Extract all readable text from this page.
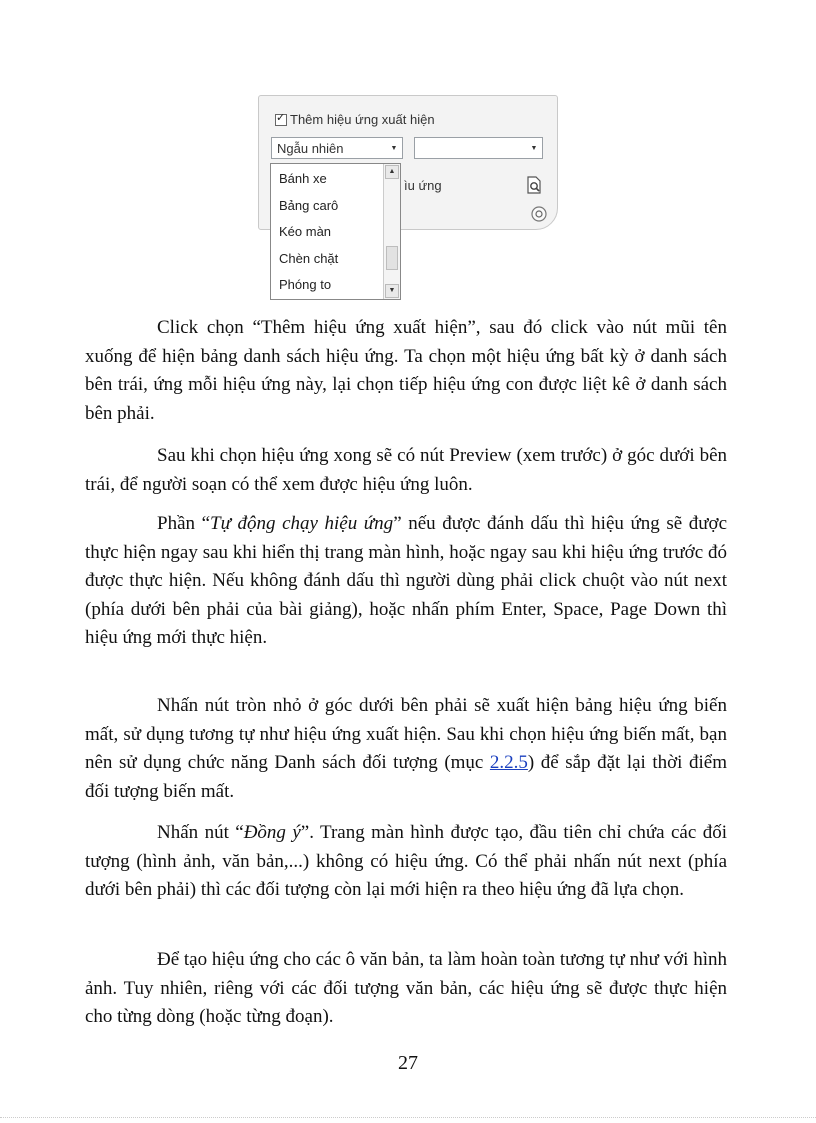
✓
Thêm hiệu ứng xuất hiện
Ngẫu nhiên	▼	▼
ìu ứng
Bánh xe
Bảng carô
Kéo màn
Chèn chặt
Phóng to
▲
▼

Click chọn “Thêm hiệu ứng xuất hiện”, sau đó click vào nút mũi tên xuống để hiện bảng danh sách hiệu ứng. Ta chọn một hiệu ứng bất kỳ ở danh sách bên trái, ứng mỗi hiệu ứng này, lại chọn tiếp hiệu ứng con được liệt kê ở danh sách bên phải.

Sau khi chọn hiệu ứng xong sẽ có nút Preview (xem trước) ở góc dưới bên trái, để người soạn có thể xem được hiệu ứng luôn.

Phần “Tự động chạy hiệu ứng” nếu được đánh dấu thì hiệu ứng sẽ được thực hiện ngay sau khi hiển thị trang màn hình, hoặc ngay sau khi hiệu ứng trước đó được thực hiện. Nếu không đánh dấu thì người dùng phải click chuột vào nút next (phía dưới bên phải của bài giảng), hoặc nhấn phím Enter, Space, Page Down thì hiệu ứng mới thực hiện.

Nhấn nút tròn nhỏ ở góc dưới bên phải sẽ xuất hiện bảng hiệu ứng biến mất, sử dụng tương tự như hiệu ứng xuất hiện. Sau khi chọn hiệu ứng biến mất, bạn nên sử dụng chức năng Danh sách đối tượng (mục 2.2.5) để sắp đặt lại thời điểm đối tượng biến mất.

Nhấn nút “Đồng ý”. Trang màn hình được tạo, đầu tiên chỉ chứa các đối tượng (hình ảnh, văn bản,...) không có hiệu ứng. Có thể phải nhấn nút next (phía dưới bên phải) thì các đối tượng còn lại mới hiện ra theo hiệu ứng đã lựa chọn.

Để tạo hiệu ứng cho các ô văn bản, ta làm hoàn toàn tương tự như với hình ảnh. Tuy nhiên, riêng với các đối tượng văn bản, các hiệu ứng sẽ được thực hiện cho từng dòng (hoặc từng đoạn).

27
